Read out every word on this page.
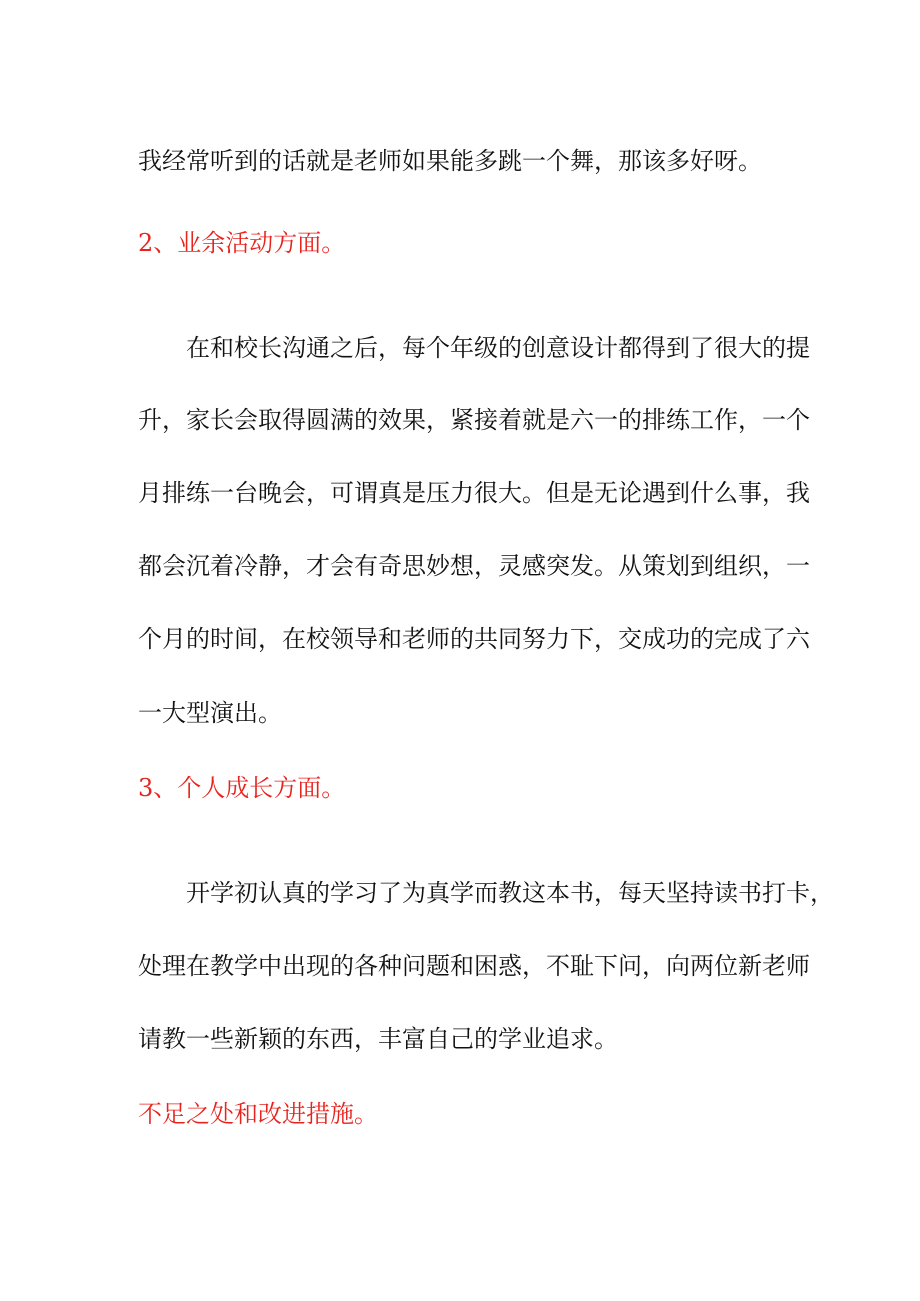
我经常听到的话就是老师如果能多跳一个舞，那该多好呀。
2、业余活动方面。
在和校长沟通之后，每个年级的创意设计都得到了很大的提
升，家长会取得圆满的效果，紧接着就是六一的排练工作，一个
月排练一台晚会，可谓真是压力很大。但是无论遇到什么事，我
都会沉着冷静，才会有奇思妙想，灵感突发。从策划到组织，一
个月的时间，在校领导和老师的共同努力下，交成功的完成了六
一大型演出。
3、个人成长方面。
开学初认真的学习了为真学而教这本书，每天坚持读书打卡，
处理在教学中出现的各种问题和困惑，不耻下问，向两位新老师
请教一些新颖的东西，丰富自己的学业追求。
不足之处和改进措施。
